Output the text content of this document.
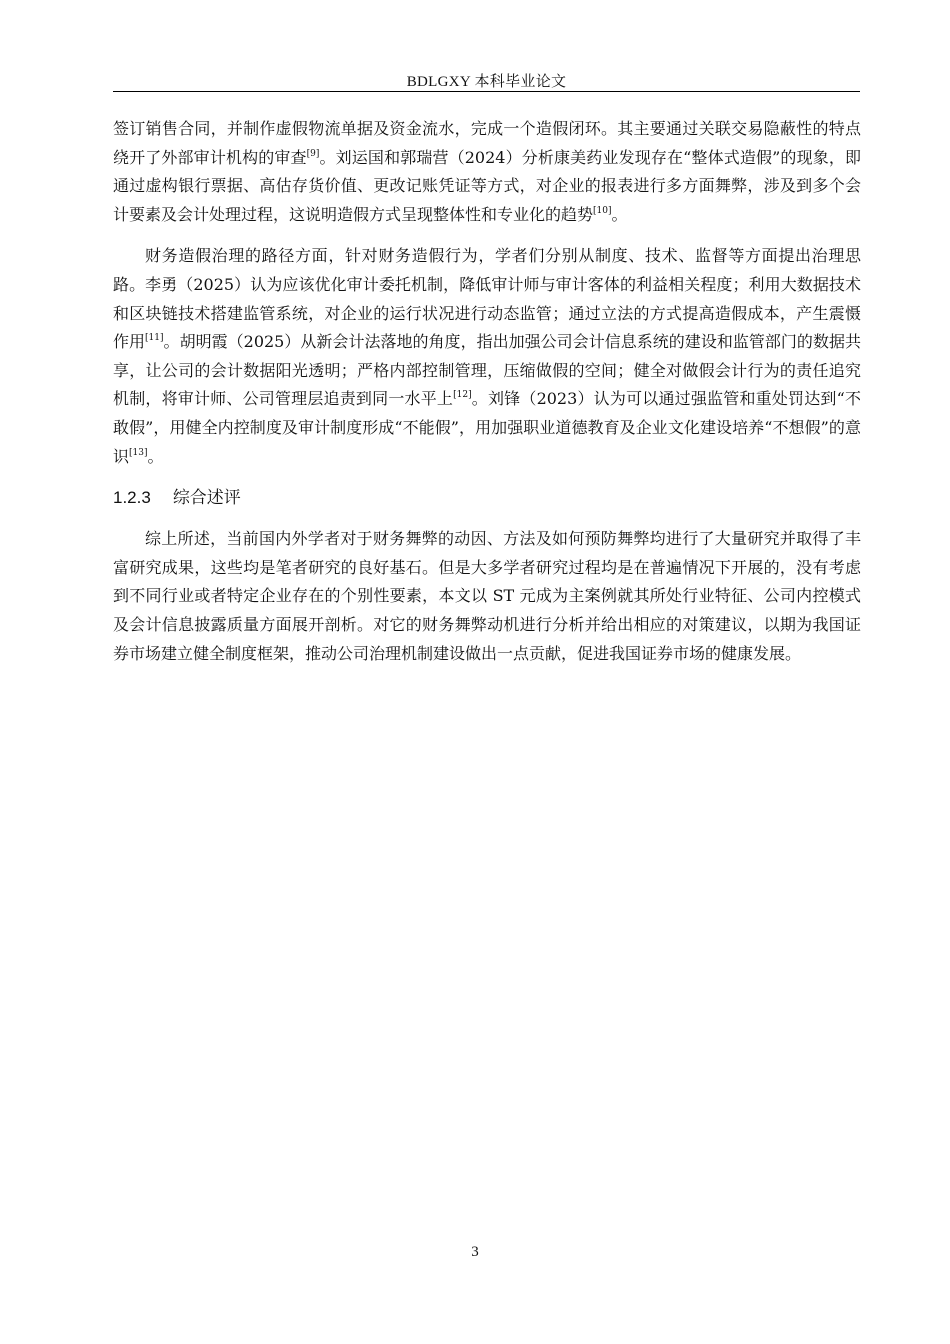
BDLGXY 本科毕业论文

签订销售合同，并制作虚假物流单据及资金流水，完成一个造假闭环。其主要通过关联交易隐蔽性的特点绕开了外部审计机构的审查[9]。刘运国和郭瑞营（2024）分析康美药业发现存在“整体式造假”的现象，即通过虚构银行票据、高估存货价值、更改记账凭证等方式，对企业的报表进行多方面舞弊，涉及到多个会计要素及会计处理过程，这说明造假方式呈现整体性和专业化的趋势[10]。

财务造假治理的路径方面，针对财务造假行为，学者们分别从制度、技术、监督等方面提出治理思路。李勇（2025）认为应该优化审计委托机制，降低审计师与审计客体的利益相关程度；利用大数据技术和区块链技术搭建监管系统，对企业的运行状况进行动态监管；通过立法的方式提高造假成本，产生震慑作用[11]。胡明霞（2025）从新会计法落地的角度，指出加强公司会计信息系统的建设和监管部门的数据共享，让公司的会计数据阳光透明；严格内部控制管理，压缩做假的空间；健全对做假会计行为的责任追究机制，将审计师、公司管理层追责到同一水平上[12]。刘锋（2023）认为可以通过强监管和重处罚达到“不敢假”，用健全内控制度及审计制度形成“不能假”，用加强职业道德教育及企业文化建设培养“不想假”的意识[13]。

1.2.3 综合述评

综上所述，当前国内外学者对于财务舞弊的动因、方法及如何预防舞弊均进行了大量研究并取得了丰富研究成果，这些均是笔者研究的良好基石。但是大多学者研究过程均是在普遍情况下开展的，没有考虑到不同行业或者特定企业存在的个别性要素，本文以 ST 元成为主案例就其所处行业特征、公司内控模式及会计信息披露质量方面展开剖析。对它的财务舞弊动机进行分析并给出相应的对策建议，以期为我国证券市场建立健全制度框架，推动公司治理机制建设做出一点贡献，促进我国证券市场的健康发展。

3
